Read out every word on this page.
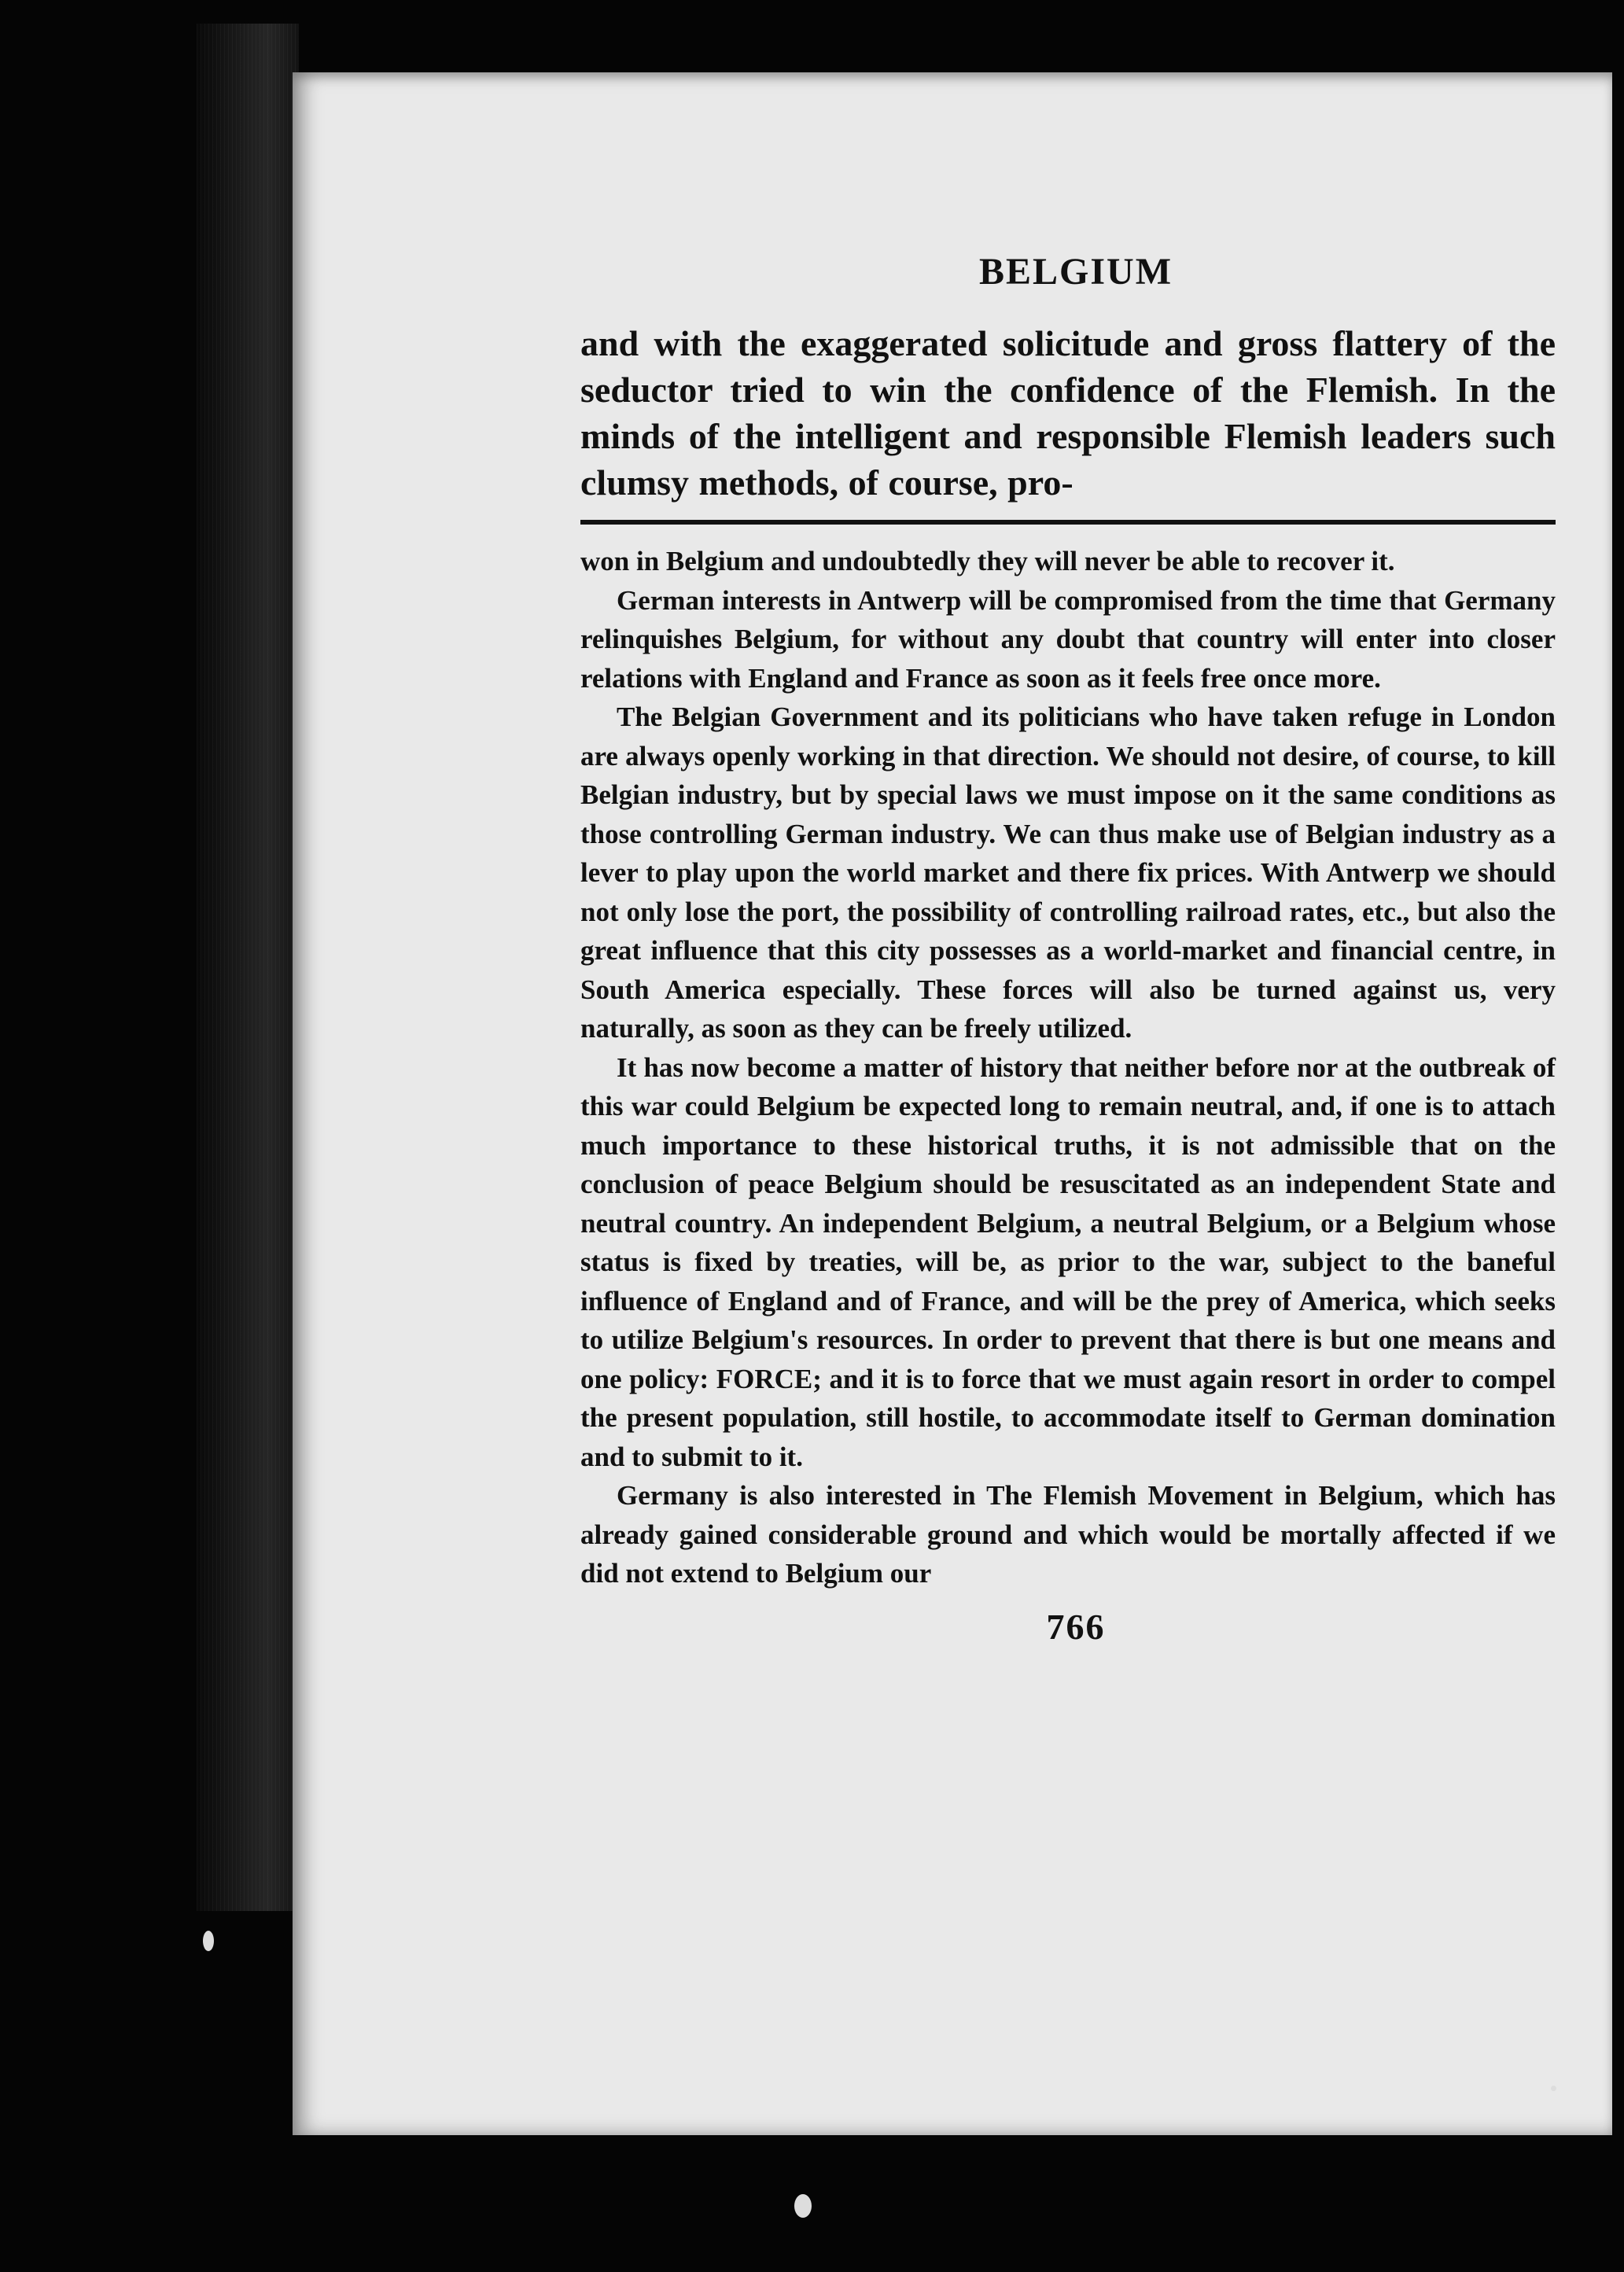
BELGIUM

and with the exaggerated solicitude and gross flattery of the seductor tried to win the confidence of the Flemish. In the minds of the intelligent and responsible Flemish leaders such clumsy methods, of course, pro-

won in Belgium and undoubtedly they will never be able to recover it.

German interests in Antwerp will be compromised from the time that Germany relinquishes Belgium, for without any doubt that country will enter into closer relations with England and France as soon as it feels free once more.

The Belgian Government and its politicians who have taken refuge in London are always openly working in that direction. We should not desire, of course, to kill Belgian industry, but by special laws we must impose on it the same conditions as those controlling German industry. We can thus make use of Belgian industry as a lever to play upon the world market and there fix prices. With Antwerp we should not only lose the port, the possibility of controlling railroad rates, etc., but also the great influence that this city possesses as a world-market and financial centre, in South America especially. These forces will also be turned against us, very naturally, as soon as they can be freely utilized.

It has now become a matter of history that neither before nor at the outbreak of this war could Belgium be expected long to remain neutral, and, if one is to attach much importance to these historical truths, it is not admissible that on the conclusion of peace Belgium should be resuscitated as an independent State and neutral country. An independent Belgium, a neutral Belgium, or a Belgium whose status is fixed by treaties, will be, as prior to the war, subject to the baneful influence of England and of France, and will be the prey of America, which seeks to utilize Belgium's resources. In order to prevent that there is but one means and one policy: FORCE; and it is to force that we must again resort in order to compel the present population, still hostile, to accommodate itself to German domination and to submit to it.

Germany is also interested in The Flemish Movement in Belgium, which has already gained considerable ground and which would be mortally affected if we did not extend to Belgium our

766
